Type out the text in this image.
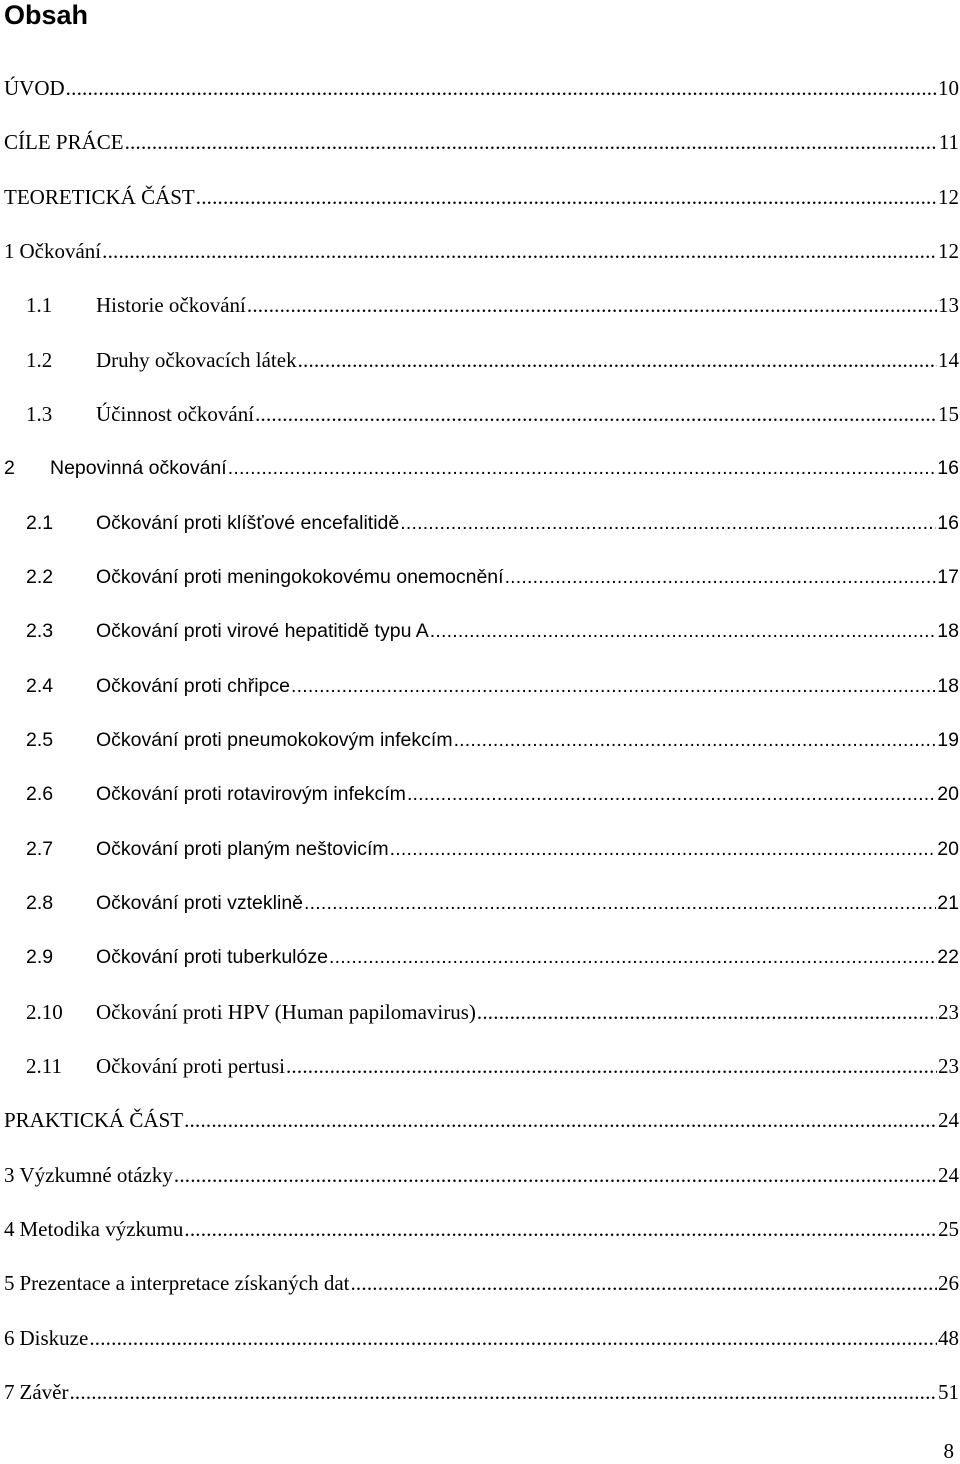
Obsah
ÚVOD .....	10
CÍLE PRÁCE .....	11
TEORETICKÁ ČÁST .....	12
1 Očkování .....	12
1.1	Historie očkování .....	13
1.2	Druhy očkovacích látek .....	14
1.3	Účinnost očkování .....	15
2	Nepovinná očkování .....	16
2.1	Očkování proti klíšťové encefalitidě .....	16
2.2	Očkování proti meningokokovému onemocnění .....	17
2.3	Očkování proti virové hepatitidě typu A .....	18
2.4	Očkování proti chřipce .....	18
2.5	Očkování proti pneumokokovým infekcím .....	19
2.6	Očkování proti rotavirovým infekcím .....	20
2.7	Očkování proti planým neštovicím .....	20
2.8	Očkování proti vzteklině .....	21
2.9	Očkování proti tuberkulóze .....	22
2.10	Očkování proti HPV (Human papilomavirus) .....	23
2.11	Očkování proti pertusi .....	23
PRAKTICKÁ ČÁST .....	24
3 Výzkumné otázky .....	24
4 Metodika výzkumu .....	25
5 Prezentace a interpretace získaných dat .....	26
6 Diskuze .....	48
7 Závěr .....	51
8
